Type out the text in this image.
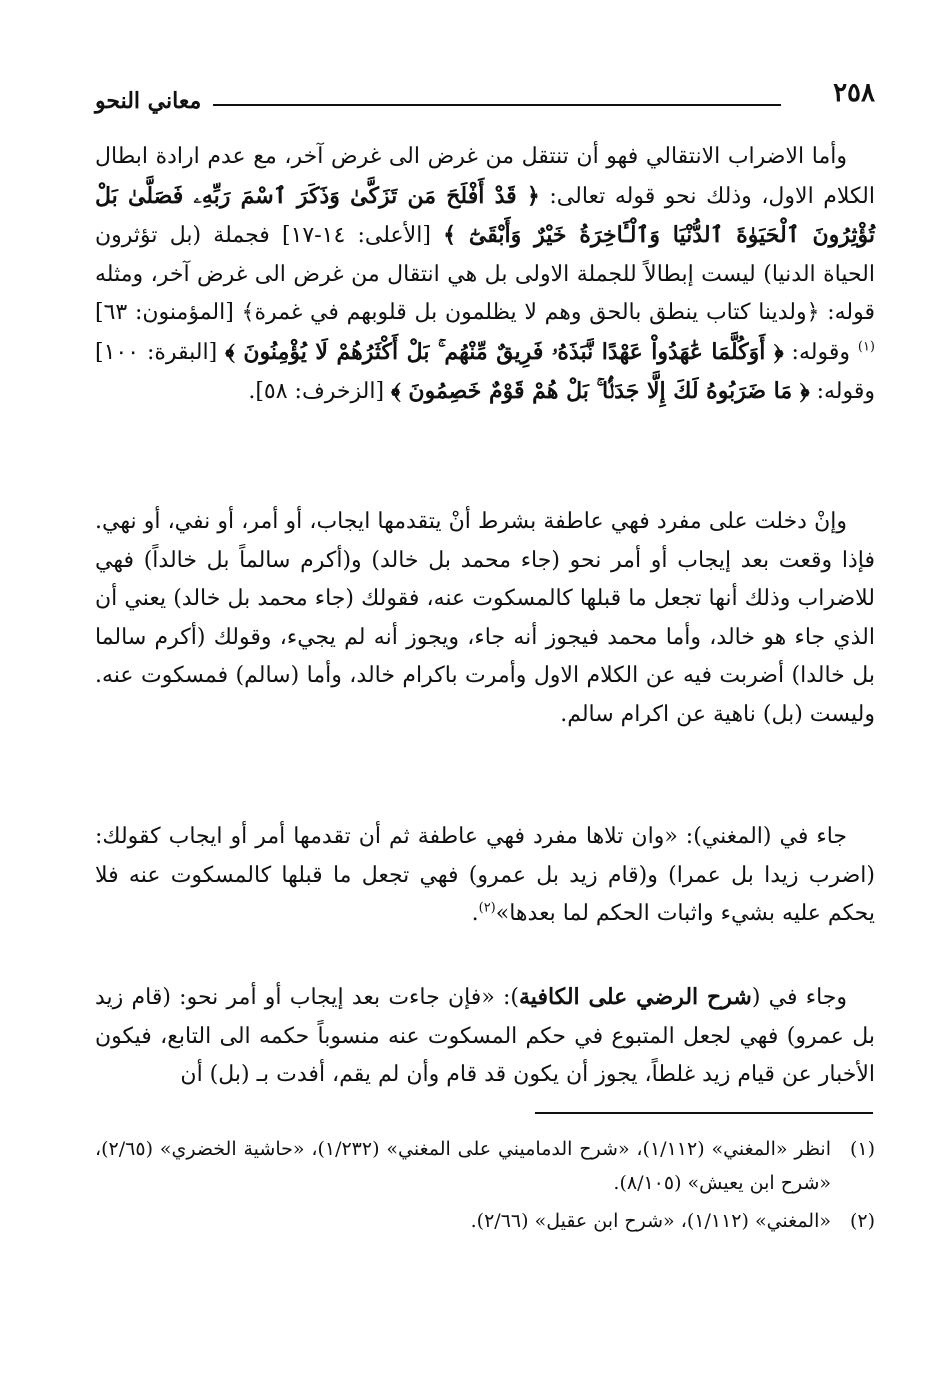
٢٥٨
معاني النحو

وأما الاضراب الانتقالي فهو أن تنتقل من غرض الى غرض آخر، مع عدم ارادة ابطال الكلام الاول، وذلك نحو قوله تعالى: ﴿ قَدْ أَفْلَحَ مَن تَزَكَّىٰ وَذَكَرَ ٱسْمَ رَبِّهِۦ فَصَلَّىٰ بَلْ تُؤْثِرُونَ ٱلْحَيَوٰةَ ٱلدُّنْيَا وَٱلْـَٔاخِرَةُ خَيْرٌ وَأَبْقَىٰٓ ﴾ [الأعلى: ١٤-١٧] فجملة (بل تؤثرون الحياة الدنيا) ليست إبطالاً للجملة الاولى بل هي انتقال من غرض الى غرض آخر، ومثله قوله: ﴿ولدينا كتاب ينطق بالحق وهم لا يظلمون بل قلوبهم في غمرة﴾ [المؤمنون: ٦٣]$^{(١)}$ وقوله: ﴿ أَوَكُلَّمَا عَٰهَدُواْ عَهْدًا نَّبَذَهُۥ فَرِيقٌ مِّنْهُم ۚ بَلْ أَكْثَرُهُمْ لَا يُؤْمِنُونَ ﴾ [البقرة: ١٠٠] وقوله: ﴿ مَا ضَرَبُوهُ لَكَ إِلَّا جَدَلًۢا ۚ بَلْ هُمْ قَوْمٌ خَصِمُونَ ﴾ [الزخرف: ٥٨].

وإنْ دخلت على مفرد فهي عاطفة بشرط أنْ يتقدمها ايجاب، أو أمر، أو نفي، أو نهي. فإذا وقعت بعد إيجاب أو أمر نحو (جاء محمد بل خالد) و(أكرم سالماً بل خالداً) فهي للاضراب وذلك أنها تجعل ما قبلها كالمسكوت عنه، فقولك (جاء محمد بل خالد) يعني أن الذي جاء هو خالد، وأما محمد فيجوز أنه جاء، ويجوز أنه لم يجيء، وقولك (أكرم سالما بل خالدا) أضربت فيه عن الكلام الاول وأمرت باكرام خالد، وأما (سالم) فمسكوت عنه. وليست (بل) ناهية عن اكرام سالم.

جاء في (المغني): «وان تلاها مفرد فهي عاطفة ثم أن تقدمها أمر أو ايجاب كقولك: (اضرب زيدا بل عمرا) و(قام زيد بل عمرو) فهي تجعل ما قبلها كالمسكوت عنه فلا يحكم عليه بشيء واثبات الحكم لما بعدها»$^{(٢)}$.

وجاء في (شرح الرضي على الكافية): «فإن جاءت بعد إيجاب أو أمر نحو: (قام زيد بل عمرو) فهي لجعل المتبوع في حكم المسكوت عنه منسوباً حكمه الى التابع، فيكون الأخبار عن قيام زيد غلطاً، يجوز أن يكون قد قام وأن لم يقم، أفدت بـ (بل) أن

(١)
انظر «المغني» (١/١١٢)، «شرح الدماميني على المغني» (١/٢٣٢)، «حاشية الخضري» (٢/٦٥)، «شرح ابن يعيش» (٨/١٠٥).
(٢)
«المغني» (١/١١٢)، «شرح ابن عقيل» (٢/٦٦).
